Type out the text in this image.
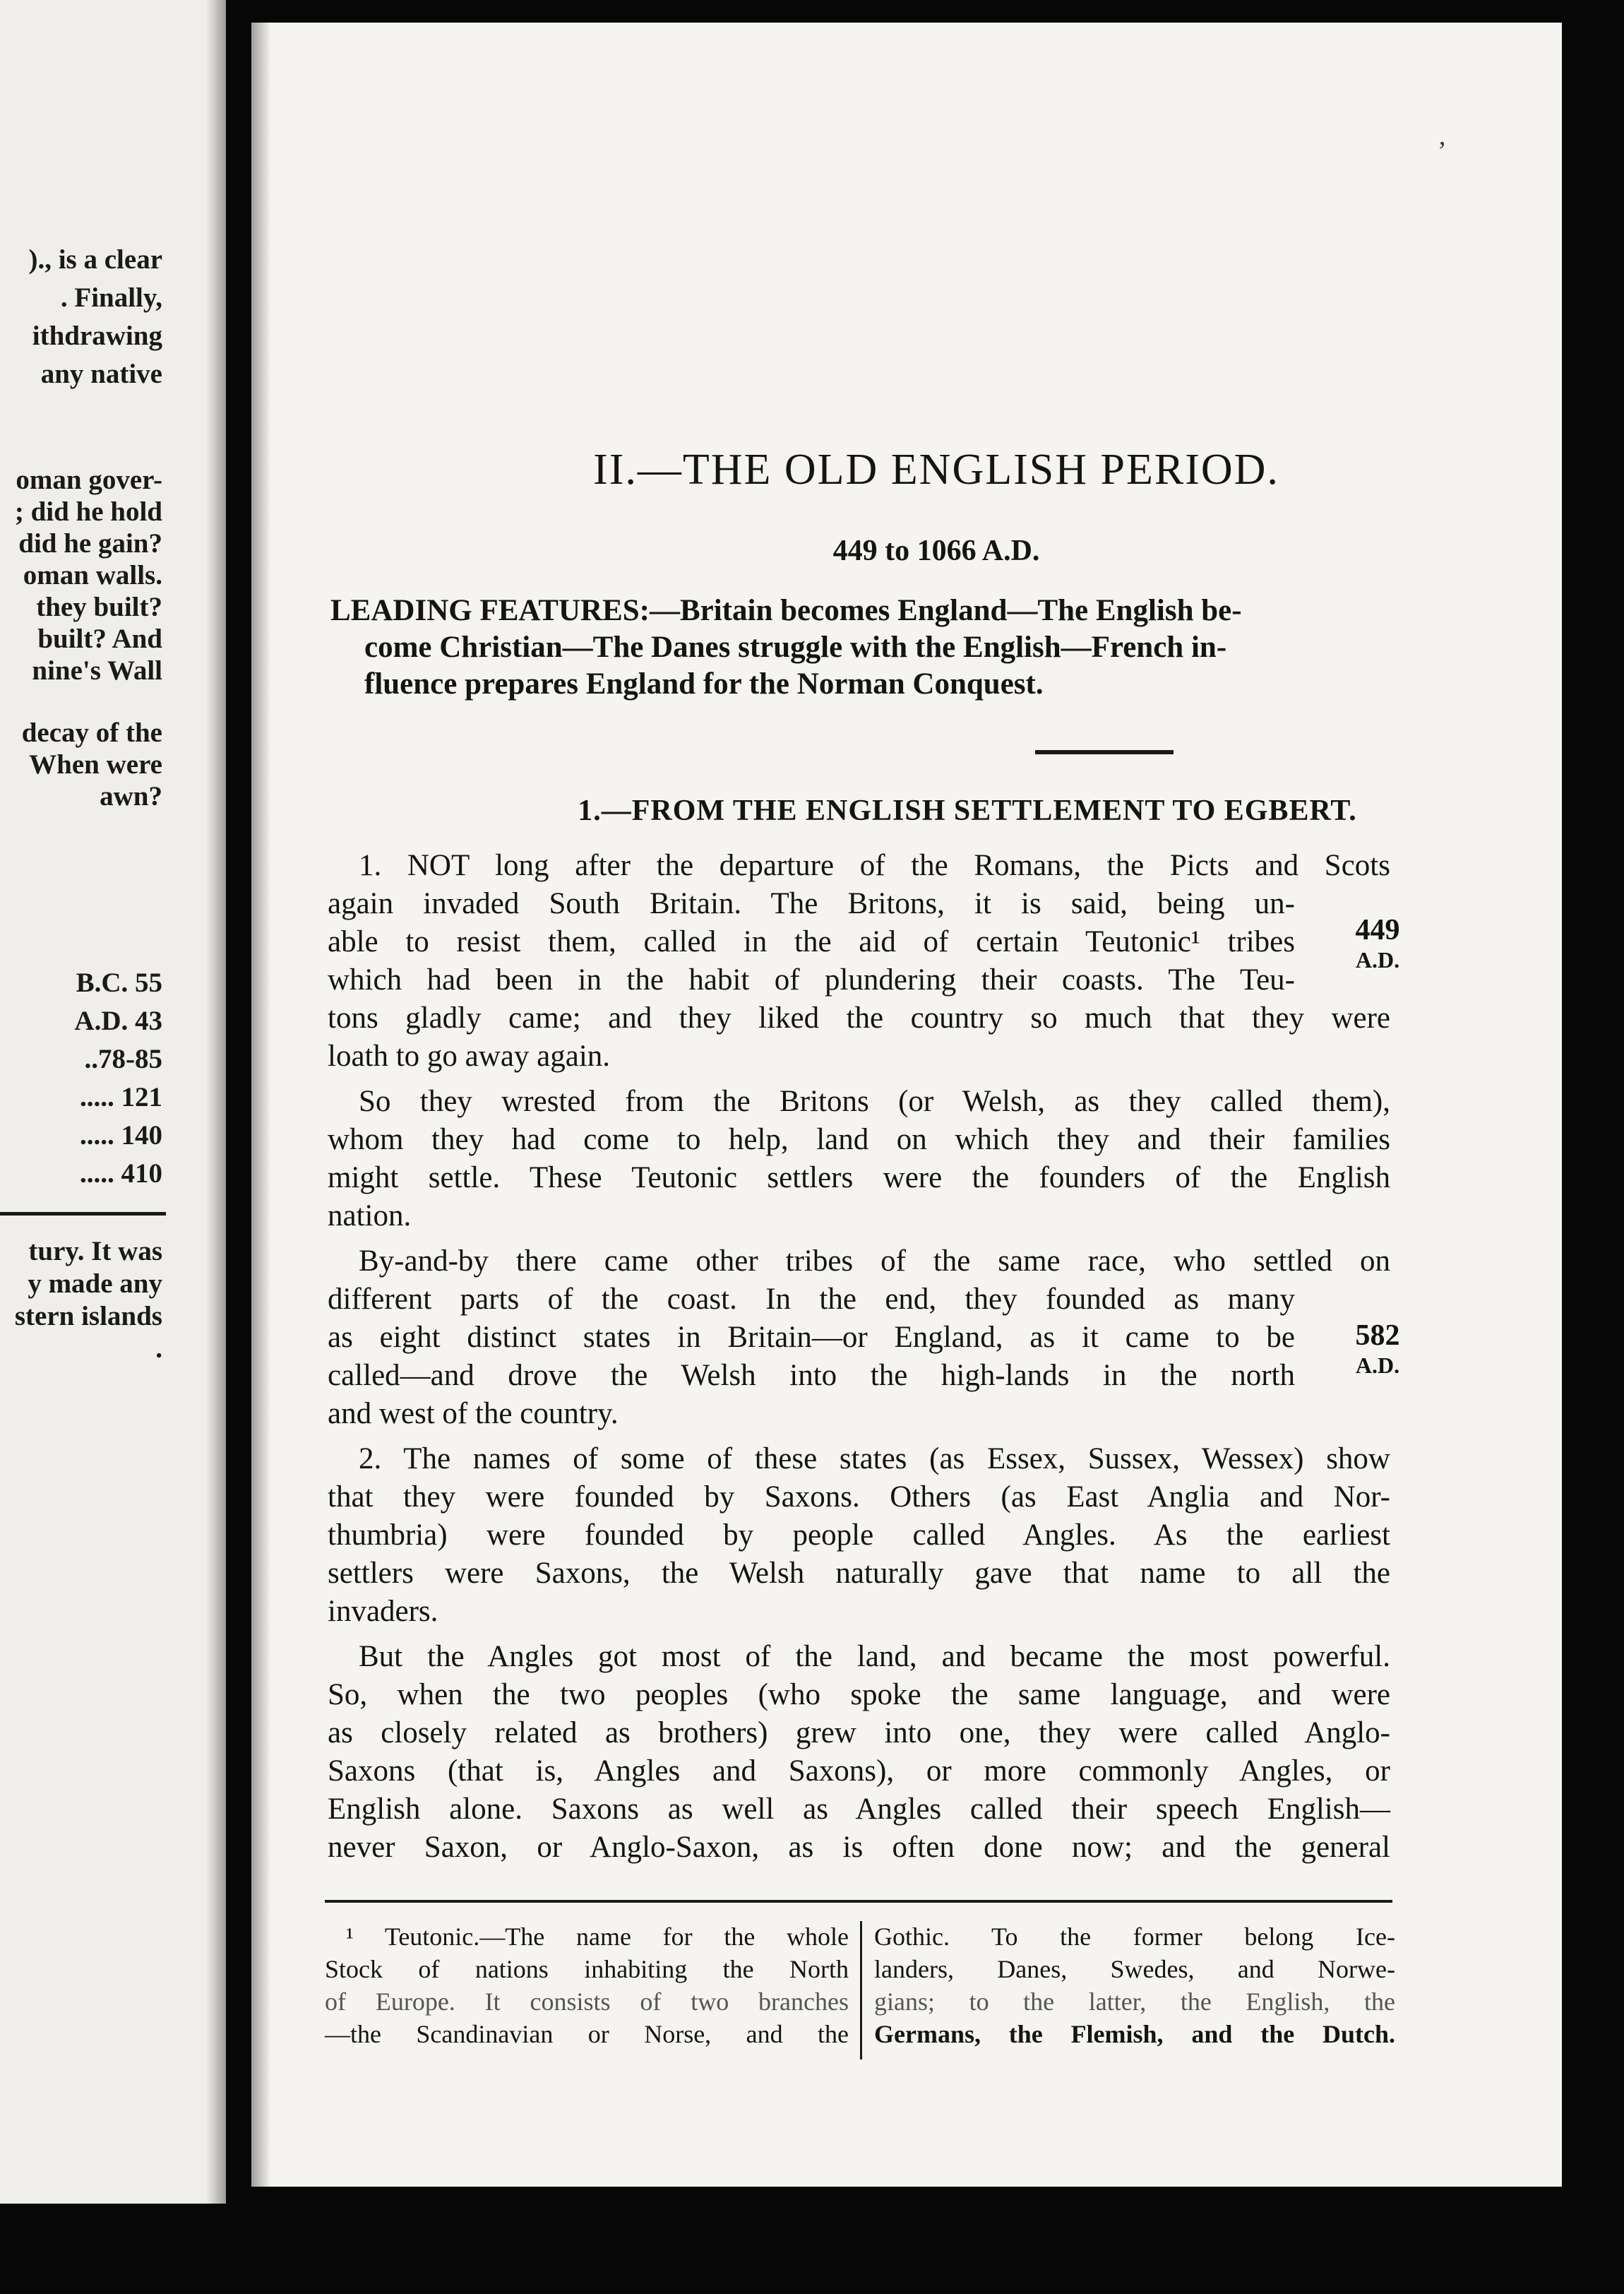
)., is a clear
. Finally,
ithdrawing
any native
oman gover-
; did he hold
did he gain?
oman walls.
they built?
built? And
nine's Wall
decay of the
When were
awn?
B.C. 55
A.D. 43
..78-85
..... 121
..... 140
..... 410
tury. It was
y made any
stern islands
.
’
II.—THE OLD ENGLISH PERIOD.
449 to 1066 A.D.
LEADING FEATURES:—Britain becomes England—The English be-
come Christian—The Danes struggle with the English—French in-
fluence prepares England for the Norman Conquest.
1.—FROM THE ENGLISH SETTLEMENT TO EGBERT.
1. NOT long after the departure of the Romans, the Picts and Scots
again invaded South Britain. The Britons, it is said, being un-
able to resist them, called in the aid of certain Teutonic¹ tribes
which had been in the habit of plundering their coasts. The Teu-
tons gladly came; and they liked the country so much that they were
loath to go away again.
449
A.D.
So they wrested from the Britons (or Welsh, as they called them),
whom they had come to help, land on which they and their families
might settle. These Teutonic settlers were the founders of the English
nation.
By-and-by there came other tribes of the same race, who settled on
different parts of the coast. In the end, they founded as many
as eight distinct states in Britain—or England, as it came to be
called—and drove the Welsh into the high-lands in the north
and west of the country.
582
A.D.
2. The names of some of these states (as Essex, Sussex, Wessex) show
that they were founded by Saxons. Others (as East Anglia and Nor-
thumbria) were founded by people called Angles. As the earliest
settlers were Saxons, the Welsh naturally gave that name to all the
invaders.
But the Angles got most of the land, and became the most powerful.
So, when the two peoples (who spoke the same language, and were
as closely related as brothers) grew into one, they were called Anglo-
Saxons (that is, Angles and Saxons), or more commonly Angles, or
English alone. Saxons as well as Angles called their speech English—
never Saxon, or Anglo-Saxon, as is often done now; and the general
¹ Teutonic.—The name for the whole
Stock of nations inhabiting the North
of Europe. It consists of two branches
—the Scandinavian or Norse, and the
Gothic. To the former belong Ice-
landers, Danes, Swedes, and Norwe-
gians; to the latter, the English, the
Germans, the Flemish, and the Dutch.
